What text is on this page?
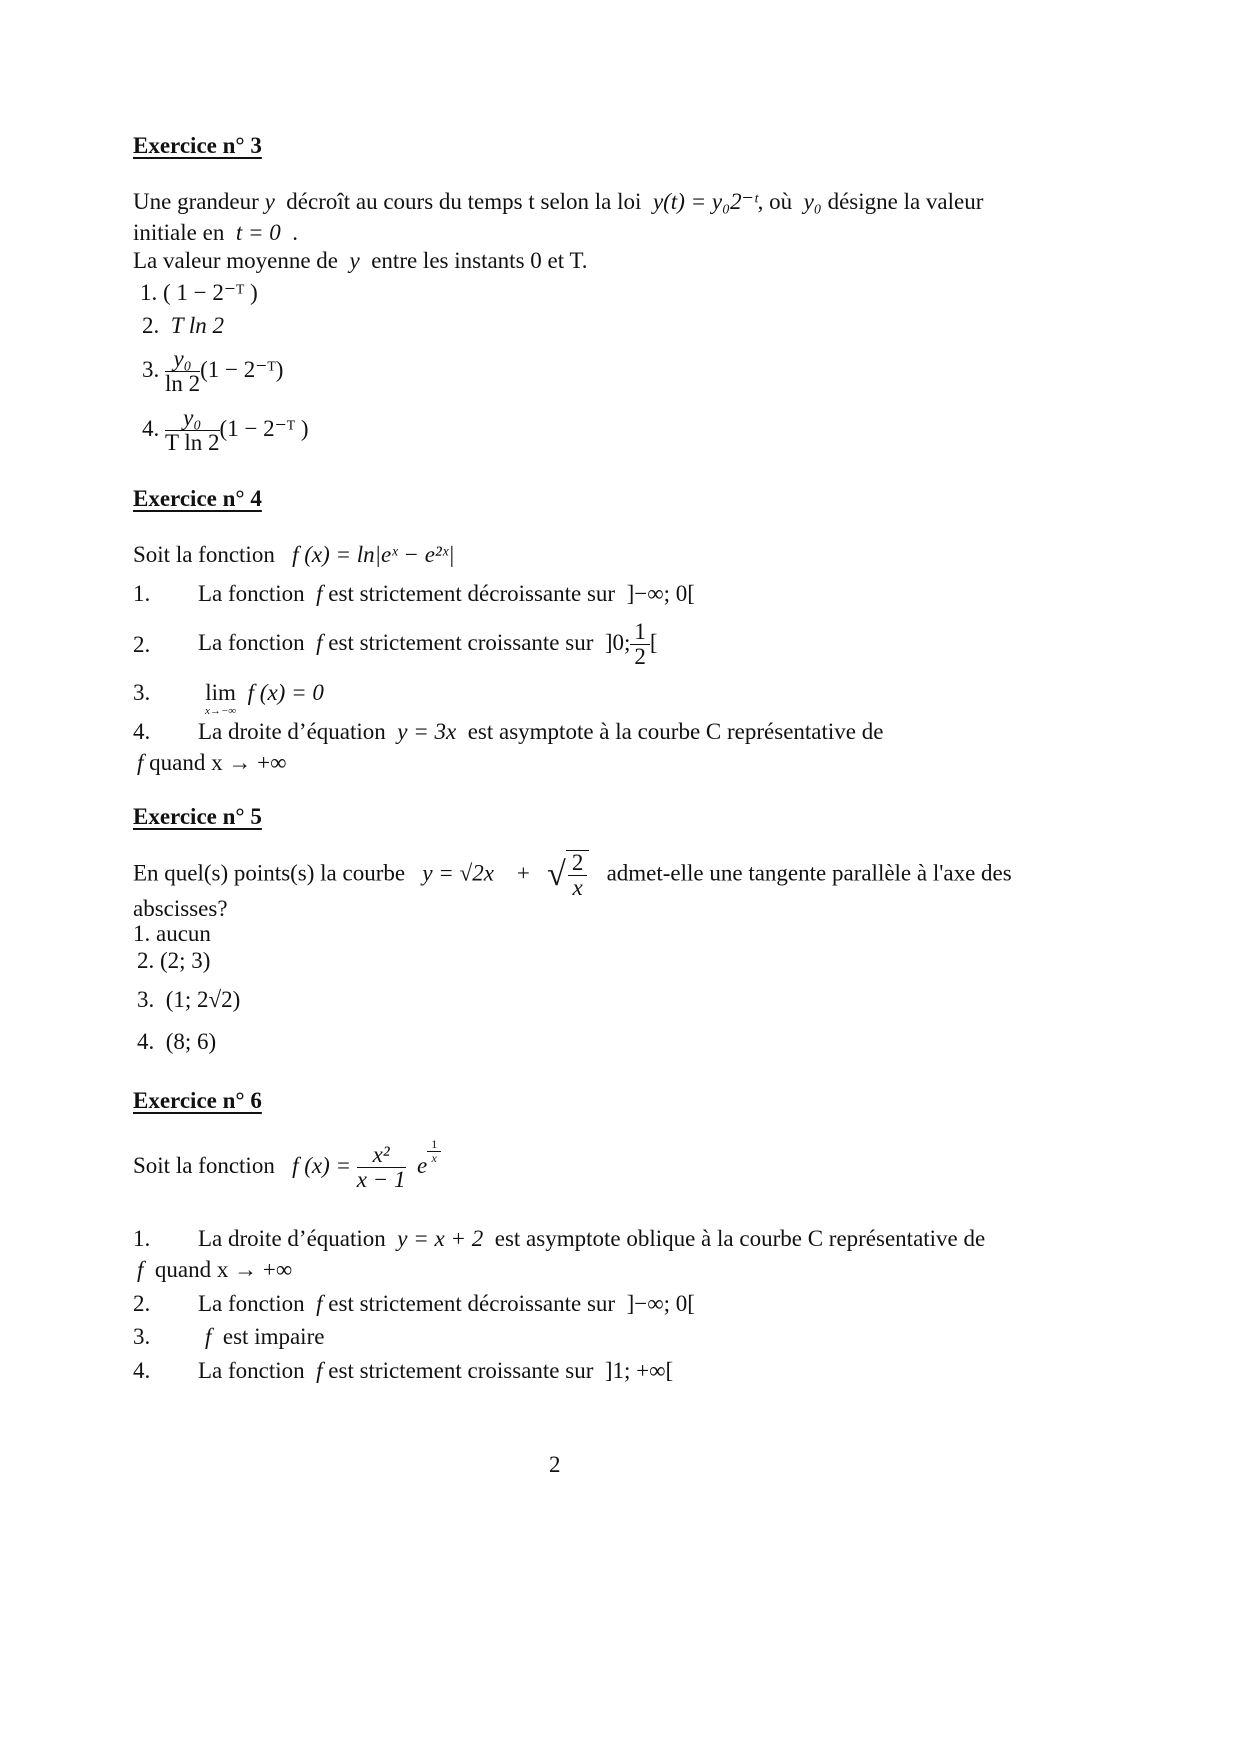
Exercice n° 3
Une grandeur y décroît au cours du temps t selon la loi y(t) = y₀2⁻ᵗ, où y₀ désigne la valeur
initiale en t = 0 .
La valeur moyenne de y entre les instants 0 et T.
1. ( 1 − 2⁻ᵀ )
2. T ln 2
3. $\frac{\text{y₀}}{\ln 2} (1$ − 2⁻ᵀ)
4. $\frac{\text{y₀}}{\text{T ln 2}} (1$ − 2⁻ᵀ )
Exercice n° 4
Soit la fonction f (x) = ln|eˣ − e²ˣ|
1. La fonction f est strictement décroissante sur ]−∞; 0[
2. La fonction f est strictement croissante sur ]0; $\frac{1}{2}$ [
3. lim
x→−∞
f (x) = 0
4. La droite d’équation y = 3x est asymptote à la courbe C représentative de
f quand x → +∞
Exercice n° 5
En quel(s) points(s) la courbe y = √2x + √ $\frac{2}{x}$ admet-elle une tangente parallèle à l'axe des
abscisses?
1. aucun
2. (2; 3)
3. (1; 2√2)
4. (8; 6)
Exercice n° 6
Soit la fonction f $(x) = \frac{\text{x²}}{x - 1}$ e
$\frac{1}{x}$
1. La droite d’équation y = x + 2 est asymptote oblique à la courbe C représentative de
f quand x → +∞
2. La fonction f est strictement décroissante sur ]−∞; 0[
3. f est impaire
4. La fonction f est strictement croissante sur ]1; +∞[
2
